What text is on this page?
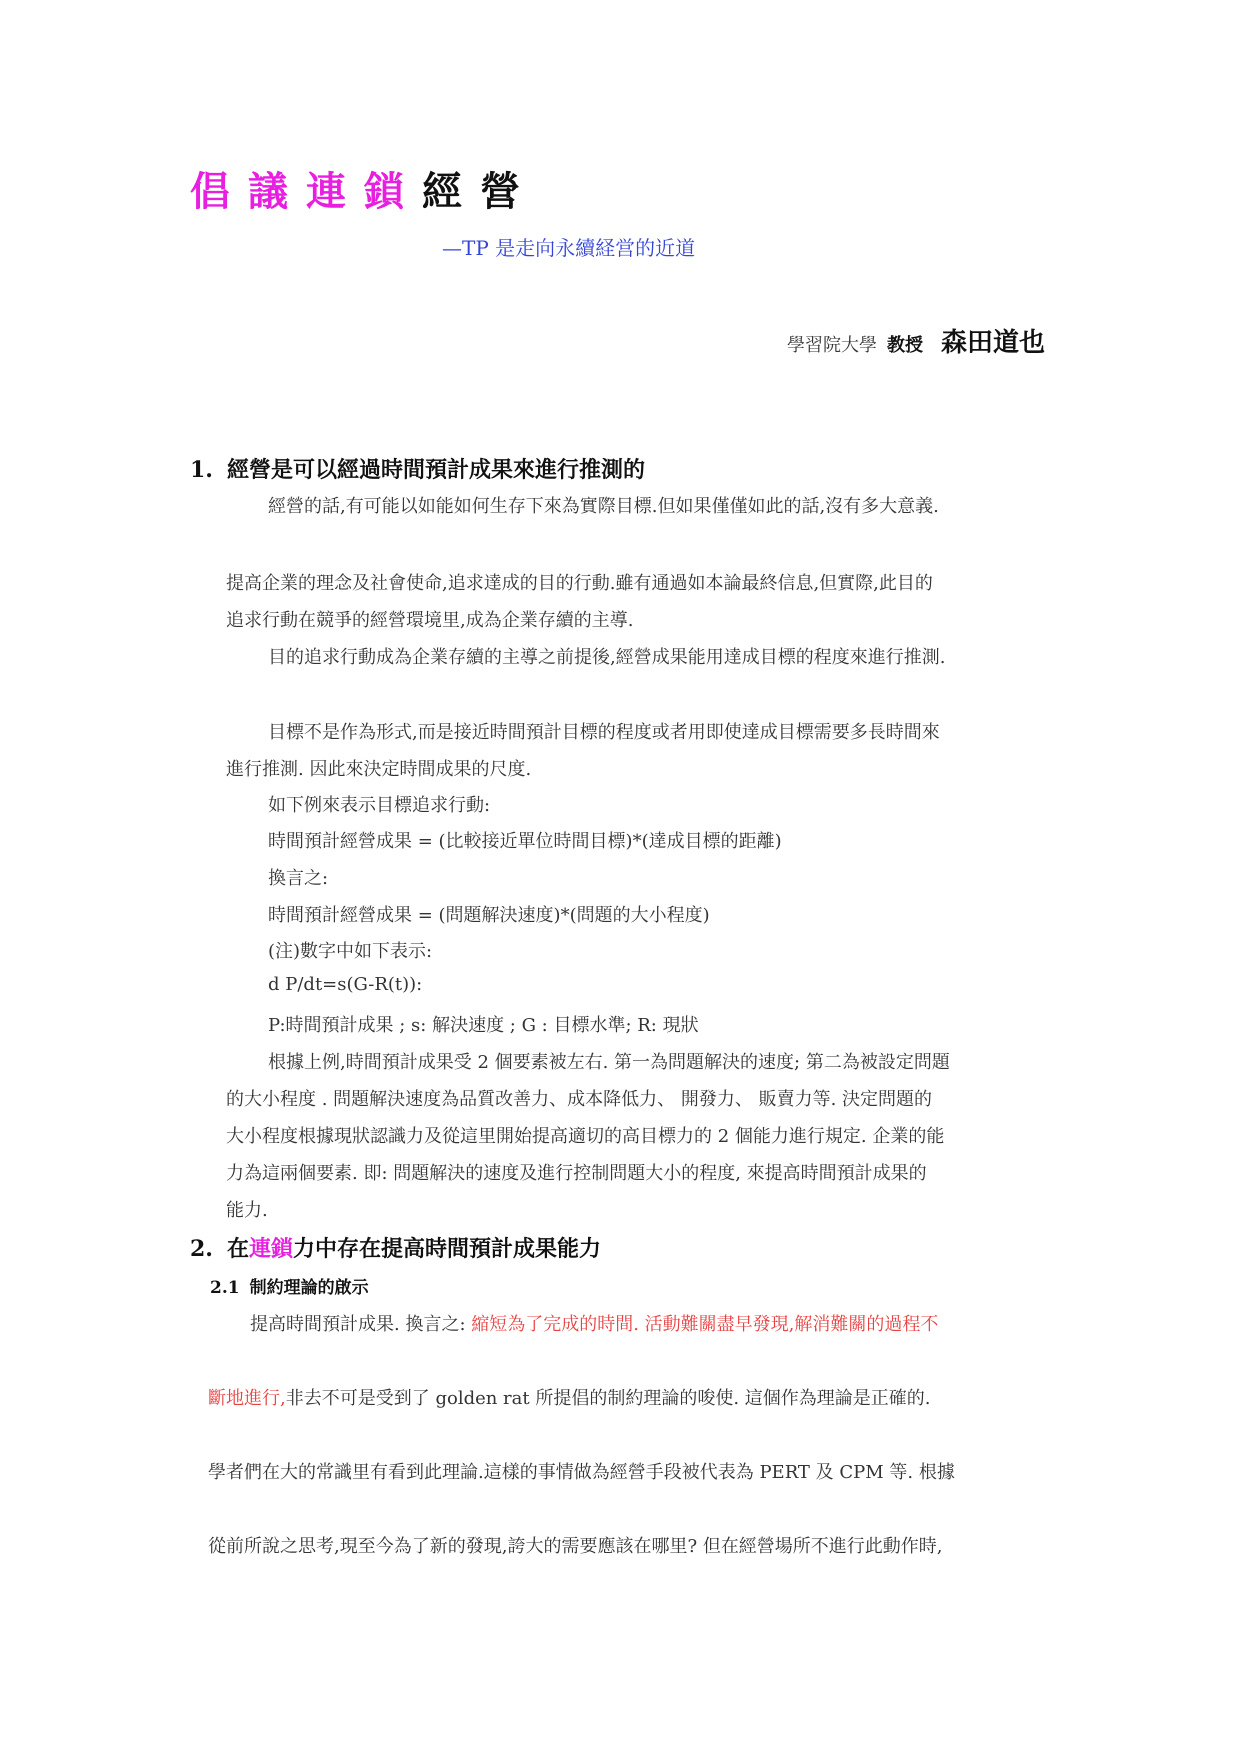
倡議連鎖經營
—TP 是走向永續経営的近道
學習院大學 教授 森田道也
1. 經營是可以經過時間預計成果來進行推測的
經營的話,有可能以如能如何生存下來為實際目標.但如果僅僅如此的話,沒有多大意義.
提高企業的理念及社會使命,追求達成的目的行動.雖有通過如本論最終信息,但實際,此目的
追求行動在競爭的經營環境里,成為企業存續的主導.
目的追求行動成為企業存續的主導之前提後,經營成果能用達成目標的程度來進行推測.
目標不是作為形式,而是接近時間預計目標的程度或者用即使達成目標需要多長時間來
進行推測. 因此來決定時間成果的尺度.
如下例來表示目標追求行動:
時間預計經營成果 = (比較接近單位時間目標)*(達成目標的距離)
換言之:
時間預計經營成果 = (問題解決速度)*(問題的大小程度)
(注)數字中如下表示:
d P/dt=s(G-R(t)):
P:時間預計成果 ; s: 解決速度 ; G : 目標水準; R: 現狀
根據上例,時間預計成果受 2 個要素被左右. 第一為問題解決的速度; 第二為被設定問題
的大小程度 . 問題解決速度為品質改善力、成本降低力、 開發力、 販賣力等. 決定問題的
大小程度根據現狀認識力及從這里開始提高適切的高目標力的 2 個能力進行規定. 企業的能
力為這兩個要素. 即: 問題解決的速度及進行控制問題大小的程度, 來提高時間預計成果的
能力.
2. 在連鎖力中存在提高時間預計成果能力
2.1 制約理論的啟示
提高時間預計成果. 換言之: 縮短為了完成的時間. 活動難關盡早發現,解消難關的過程不
斷地進行,非去不可是受到了 golden rat 所提倡的制約理論的唆使. 這個作為理論是正確的.
學者們在大的常識里有看到此理論.這樣的事情做為經營手段被代表為 PERT 及 CPM 等. 根據
從前所說之思考,現至今為了新的發現,誇大的需要應該在哪里? 但在經營場所不進行此動作時,
